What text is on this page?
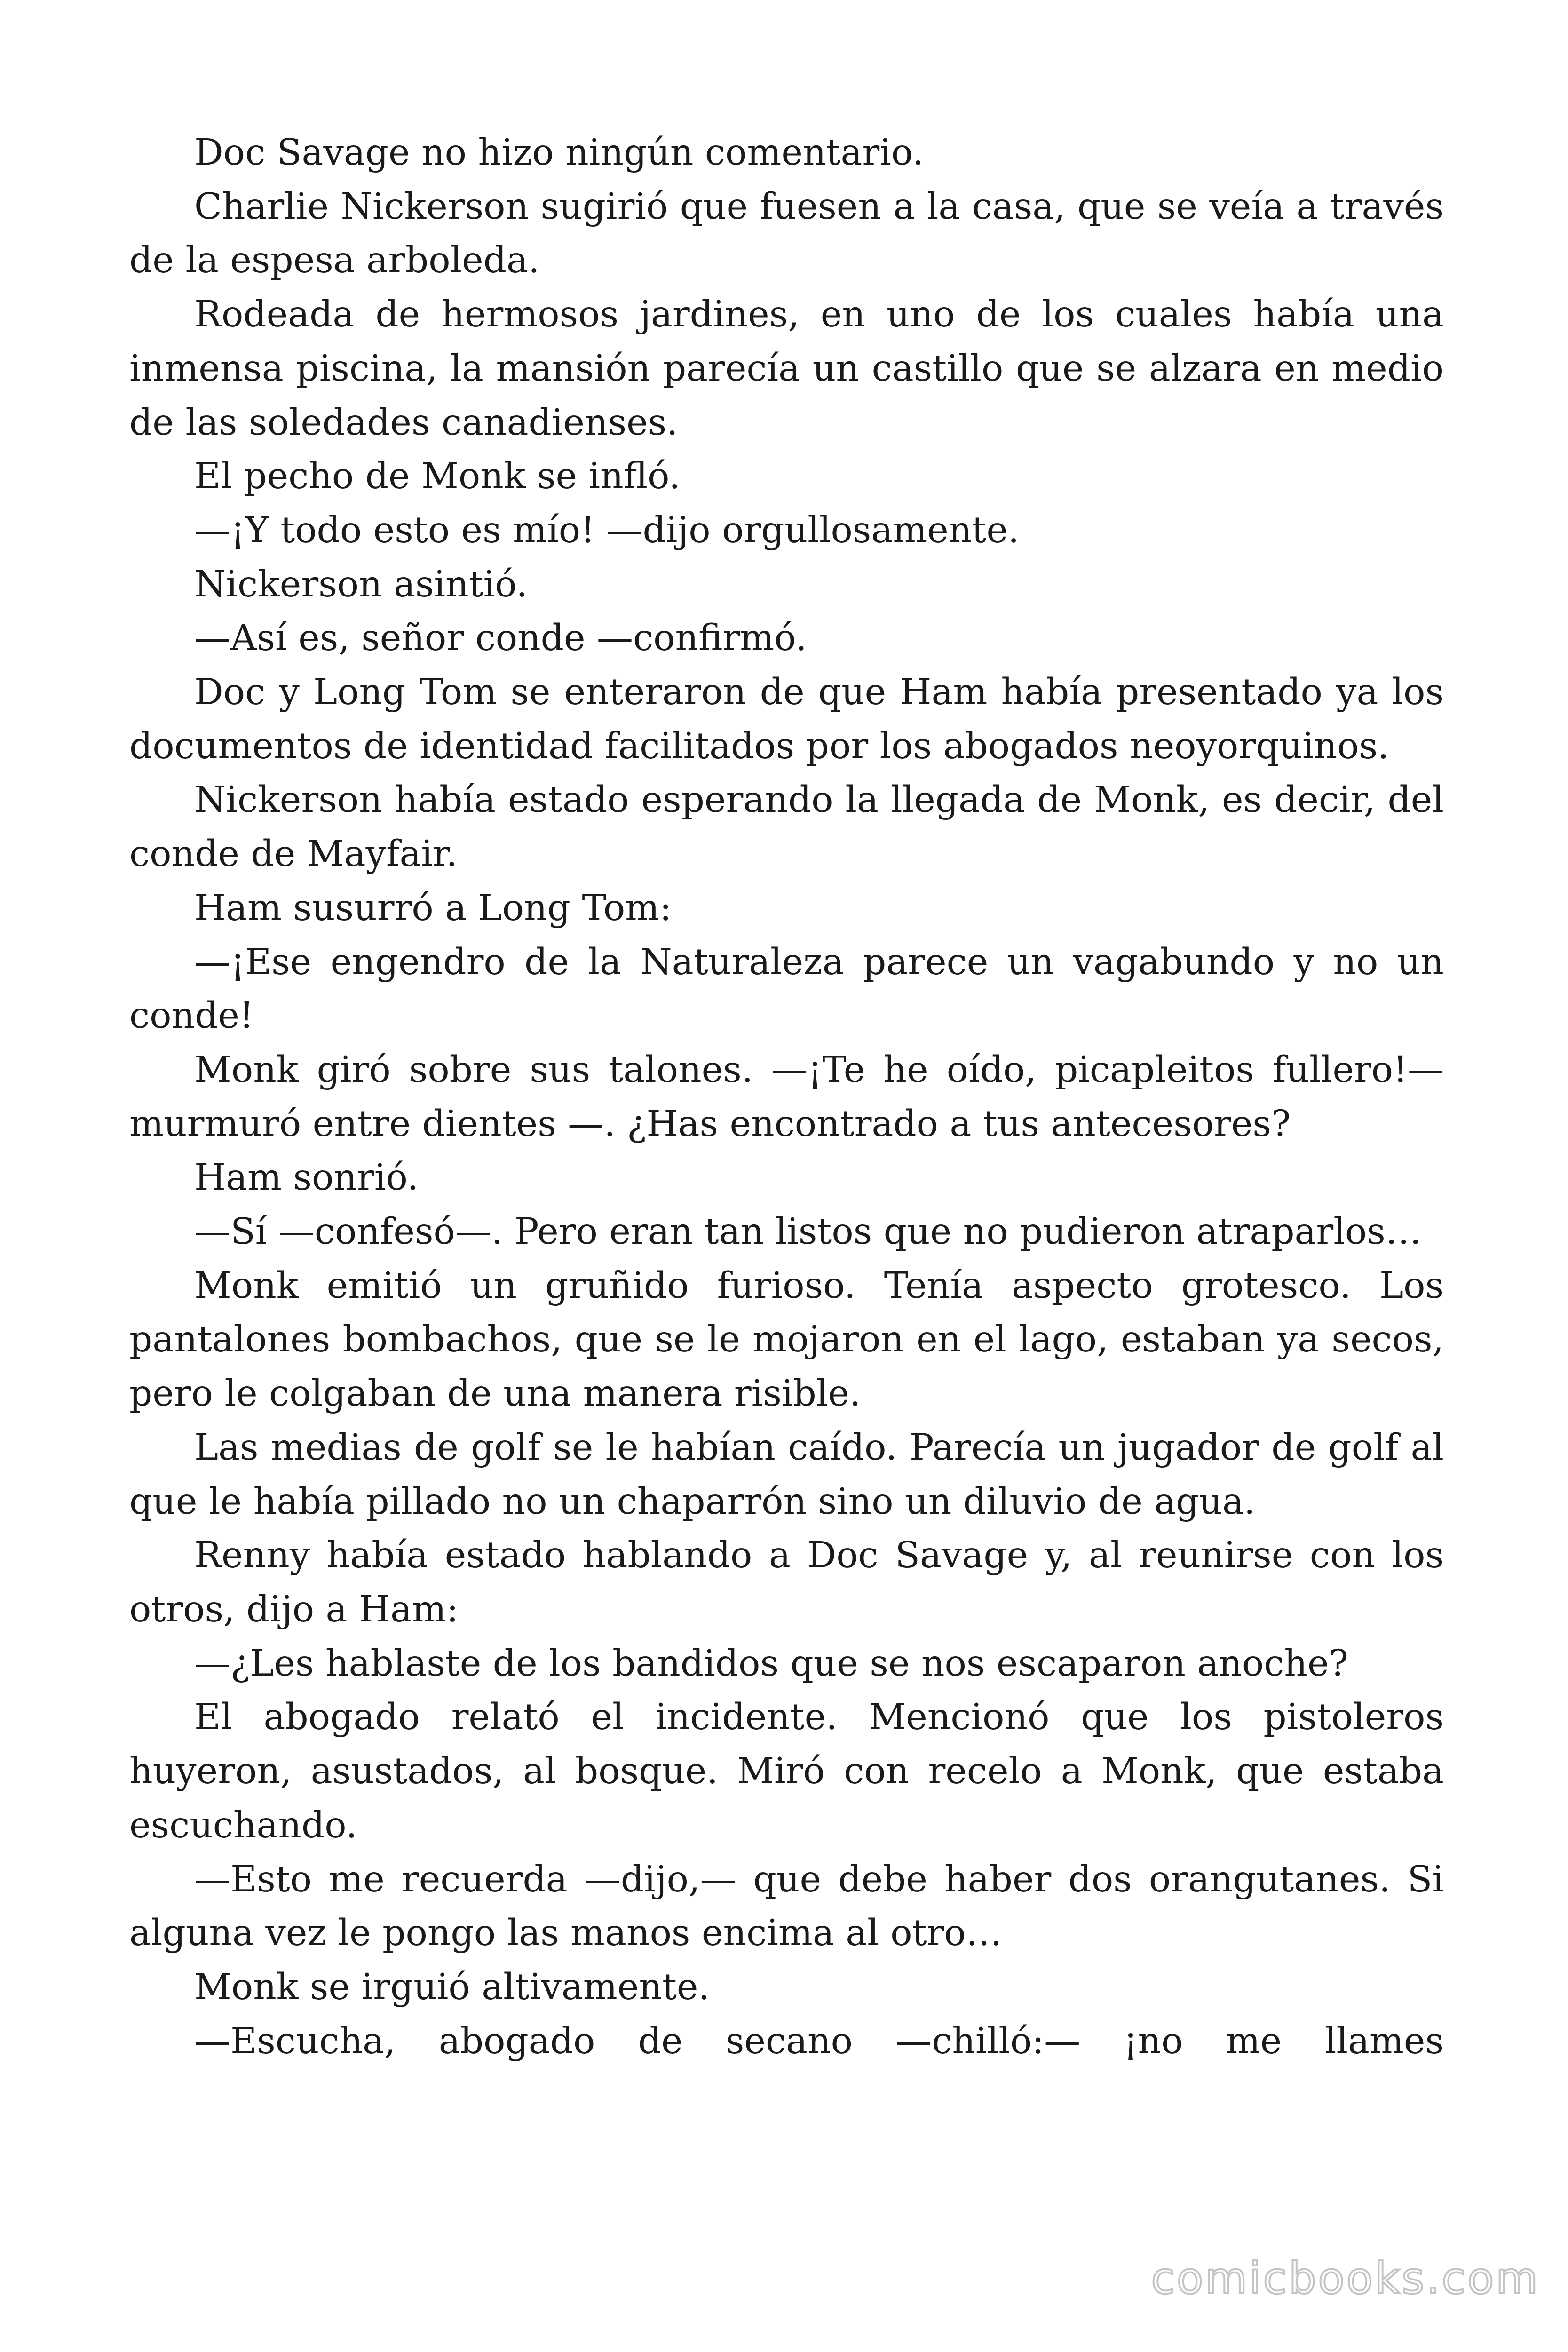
Doc Savage no hizo ningún comentario.

Charlie Nickerson sugirió que fuesen a la casa, que se veía a través de la espesa arboleda.

Rodeada de hermosos jardines, en uno de los cuales había una inmensa piscina, la mansión parecía un castillo que se alzara en medio de las soledades canadienses.

El pecho de Monk se infló.

—¡Y todo esto es mío! —dijo orgullosamente.

Nickerson asintió.

—Así es, señor conde —confirmó.

Doc y Long Tom se enteraron de que Ham había presentado ya los documentos de identidad facilitados por los abogados neoyorquinos.

Nickerson había estado esperando la llegada de Monk, es decir, del conde de Mayfair.

Ham susurró a Long Tom:

—¡Ese engendro de la Naturaleza parece un vagabundo y no un conde!

Monk giró sobre sus talones. —¡Te he oído, picapleitos fullero!— murmuró entre dientes —. ¿Has encontrado a tus antecesores?

Ham sonrió.

—Sí —confesó—. Pero eran tan listos que no pudieron atraparlos…

Monk emitió un gruñido furioso. Tenía aspecto grotesco. Los pantalones bombachos, que se le mojaron en el lago, estaban ya secos, pero le colgaban de una manera risible.

Las medias de golf se le habían caído. Parecía un jugador de golf al que le había pillado no un chaparrón sino un diluvio de agua.

Renny había estado hablando a Doc Savage y, al reunirse con los otros, dijo a Ham:

—¿Les hablaste de los bandidos que se nos escaparon anoche?

El abogado relató el incidente. Mencionó que los pistoleros huyeron, asustados, al bosque. Miró con recelo a Monk, que estaba escuchando.

—Esto me recuerda —dijo,— que debe haber dos orangutanes. Si alguna vez le pongo las manos encima al otro…

Monk se irguió altivamente.

—Escucha, abogado de secano —chilló:— ¡no me llames

comicbooks.com
